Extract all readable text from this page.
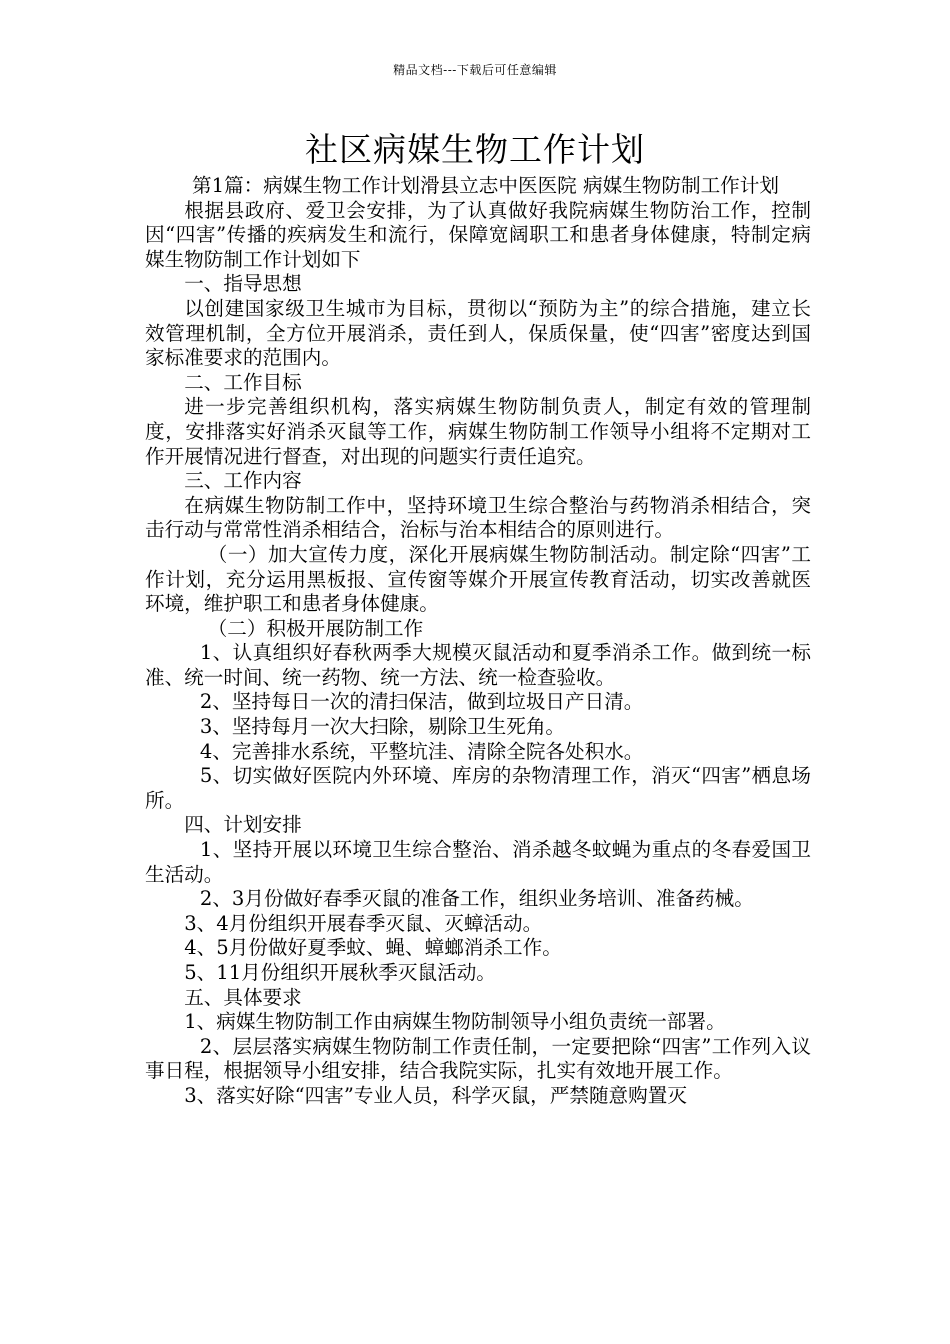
精品文档---下载后可任意编辑
社区病媒生物工作计划

第1篇：病媒生物工作计划滑县立志中医医院 病媒生物防制工作计划

根据县政府、爱卫会安排，为了认真做好我院病媒生物防治工作，控制因“四害”传播的疾病发生和流行，保障宽阔职工和患者身体健康，特制定病媒生物防制工作计划如下

一、指导思想

以创建国家级卫生城市为目标，贯彻以“预防为主”的综合措施，建立长效管理机制，全方位开展消杀，责任到人，保质保量，使“四害”密度达到国家标准要求的范围内。

二、工作目标

进一步完善组织机构，落实病媒生物防制负责人，制定有效的管理制度，安排落实好消杀灭鼠等工作，病媒生物防制工作领导小组将不定期对工作开展情况进行督查，对出现的问题实行责任追究。

三、工作内容

在病媒生物防制工作中，坚持环境卫生综合整治与药物消杀相结合，突击行动与常常性消杀相结合，治标与治本相结合的原则进行。

（一）加大宣传力度，深化开展病媒生物防制活动。制定除“四害”工作计划，充分运用黑板报、宣传窗等媒介开展宣传教育活动，切实改善就医环境，维护职工和患者身体健康。

（二）积极开展防制工作

1、认真组织好春秋两季大规模灭鼠活动和夏季消杀工作。做到统一标准、统一时间、统一药物、统一方法、统一检查验收。

2、坚持每日一次的清扫保洁，做到垃圾日产日清。

3、坚持每月一次大扫除，剔除卫生死角。

4、完善排水系统，平整坑洼、清除全院各处积水。

5、切实做好医院内外环境、库房的杂物清理工作，消灭“四害”栖息场所。

四、计划安排

1、坚持开展以环境卫生综合整治、消杀越冬蚊蝇为重点的冬春爱国卫生活动。

2、3月份做好春季灭鼠的准备工作，组织业务培训、准备药械。

3、4月份组织开展春季灭鼠、灭蟑活动。

4、5月份做好夏季蚊、蝇、蟑螂消杀工作。

5、11月份组织开展秋季灭鼠活动。

五、具体要求

1、病媒生物防制工作由病媒生物防制领导小组负责统一部署。

2、层层落实病媒生物防制工作责任制，一定要把除“四害”工作列入议事日程，根据领导小组安排，结合我院实际，扎实有效地开展工作。

3、落实好除“四害”专业人员，科学灭鼠，严禁随意购置灭
